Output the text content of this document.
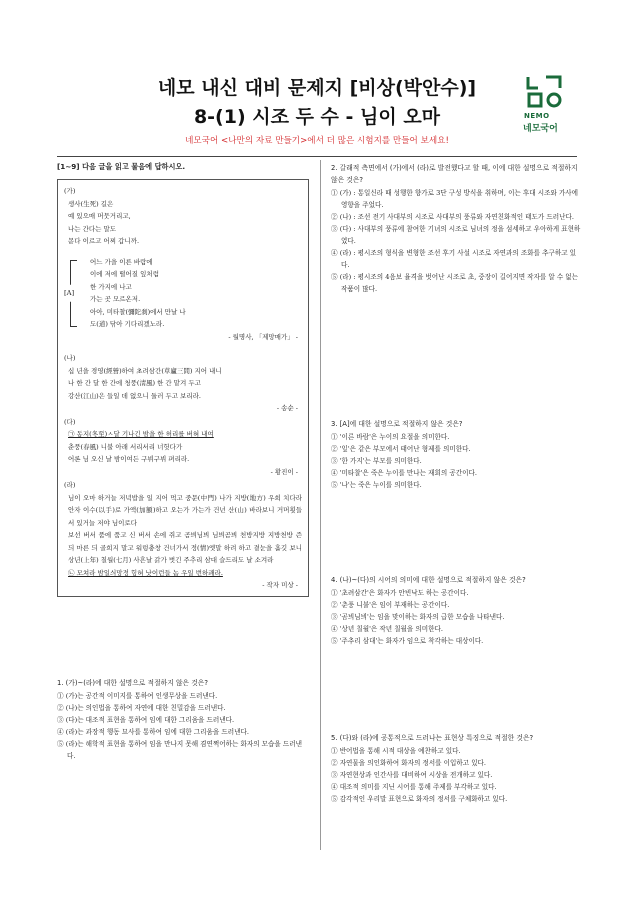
네모 내신 대비 문제지 [비상(박안수)]
8-(1) 시조 두 수 - 님이 오마
네모국어 <나만의 자료 만들기>에서 더 많은 시험지를 만들어 보세요!
NEMO
네모국어
[1~9] 다음 글을 읽고 물음에 답하시오.
(가)
생사(生死) 길은
예 있으매 머뭇거리고,
나는 간다는 말도
몯다 이르고 어찌 갑니까.
[A]
어느 가을 이른 바람에
이에 저에 떨어질 잎처럼
한 가지에 나고
가는 곳 모르온저.
아아, 미타찰(彌陀刹)에서 만날 나
도(道) 닦아 기다리겠노라.
- 월명사, 「제망매가」 -
(나)
십 년을 경영(經營)하여 초려삼간(草廬三間) 지어 내니
나 한 간 달 한 간에 청풍(淸風) 한 간 맡겨 두고
강산(江山)은 들일 데 없으니 둘러 두고 보리라.
- 송순 -
(다)
㉠ 동지(冬至)ㅅ달 기나긴 밤을 한 허리를 버혀 내여
춘풍(春風) 니불 아래 서리서리 너헛다가
어론 님 오신 날 밤이여든 구뷔구뷔 펴리라.
- 황진이 -
(라)
님이 오마 하거늘 저녁밥을 일 지어 먹고 중문(中門) 나가 지방(地方) 우희 치다라 안자 이수(以手)로 가액(加額)하고 오는가 가는가 건넌 산(山) 바라보니 거머횟들 서 있거늘 저야 님이로다
보선 버서 품에 품고 신 버서 손에 쥐고 곰븨님븨 님븨곰븨 천방지방 지방천방 즌 듸 마른 듸 골희지 말고 워렁충창 건너가서 정(情)엣말 하려 하고 곁눈을 흘깃 보니 상년(上年) 칠월(七月) 사흔날 갉가 벗긴 주추리 삼대 슬드리도 날 소겨라
㉡ 모쳐라 밤일싀망정 힝혀 낫이런들 놈 우일 번하괘라.
- 작자 미상 -
1. (가)~(라)에 대한 설명으로 적절하지 않은 것은?
① (가)는 공간적 이미지를 통하여 인생무상을 드러낸다.
② (나)는 의인법을 통하여 자연에 대한 친밀감을 드러낸다.
③ (다)는 대조적 표현을 통하여 임에 대한 그리움을 드러낸다.
④ (라)는 과장적 행동 묘사를 통하여 임에 대한 그리움을 드러낸다.
⑤ (라)는 해학적 표현을 통하여 임을 만나지 못해 겸연쩍어하는 화자의 모습을 드러낸다.
2. 갈래적 측면에서 (가)에서 (라)로 발전했다고 할 때, 이에 대한 설명으로 적절하지 않은 것은?
① (가) : 통일신라 때 성행한 향가로 3단 구성 방식을 취하며, 이는 후대 시조와 가사에 영향을 주었다.
② (나) : 조선 전기 사대부의 시조로 사대부의 풍류와 자연친화적인 태도가 드러난다.
③ (다) : 사대부의 풍류에 참여한 기녀의 시조로 님녀의 정을 섬세하고 우아하게 표현하였다.
④ (라) : 평시조의 형식을 변형한 조선 후기 사설 시조로 자연과의 조화를 추구하고 있다.
⑤ (라) : 평시조의 4음보 율격을 벗어난 시조로 초, 중장이 길어지면 작자를 알 수 없는 작품이 많다.
3. [A]에 대한 설명으로 적절하지 않은 것은?
① '이른 바람'은 누이의 요절을 의미한다.
② '잎'은 같은 부모에서 태어난 형제를 의미한다.
③ '한 가지'는 부모를 의미한다.
④ '미타찰'은 죽은 누이를 만나는 재회의 공간이다.
⑤ '나'는 죽은 누이를 의미한다.
4. (나)~(다)의 시어의 의미에 대한 설명으로 적절하지 않은 것은?
① '초려삼간'은 화자가 안빈낙도 하는 공간이다.
② '춘풍 니불'은 임이 부재하는 공간이다.
③ '곰븨님븨'는 임을 맞이하는 화자의 급한 모습을 나타낸다.
④ '상년 칠월'은 작년 칠월을 의미한다.
⑤ '주추리 삼대'는 화자가 임으로 착각하는 대상이다.
5. (다)와 (라)에 공통적으로 드러나는 표현상 특징으로 적절한 것은?
① 반어법을 통해 시적 대상을 예찬하고 있다.
② 자연물을 의인화하여 화자의 정서를 이입하고 있다.
③ 자연현상과 인간사를 대비하여 시상을 전개하고 있다.
④ 대조적 의미를 지닌 시어를 통해 주제를 부각하고 있다.
⑤ 감각적인 우리말 표현으로 화자의 정서를 구체화하고 있다.
